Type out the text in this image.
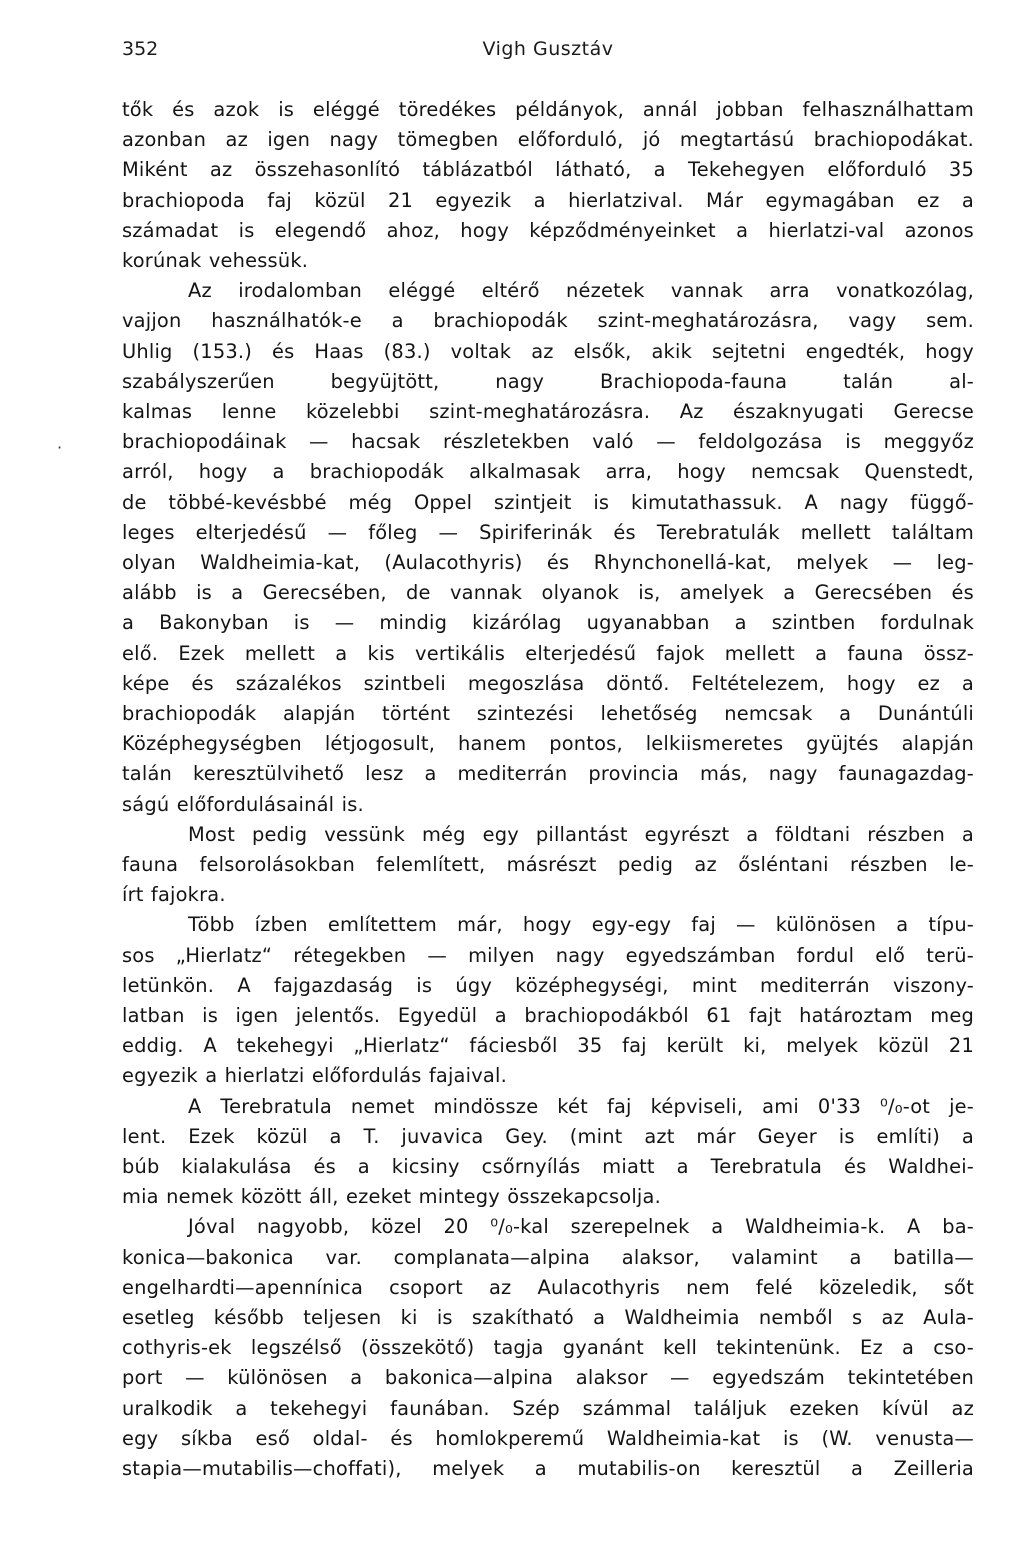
352	Vigh Gusztáv
·
tők és azok is eléggé töredékes példányok, annál jobban felhasználhattam
azonban az igen nagy tömegben előforduló, jó megtartású brachiopodákat.
Miként az összehasonlító táblázatból látható, a Tekehegyen előforduló 35
brachiopoda faj közül 21 egyezik a hierlatzival. Már egymagában ez a
számadat is elegendő ahoz, hogy képződményeinket a hierlatzi-val azonos
korúnak vehessük.
Az irodalomban eléggé eltérő nézetek vannak arra vonatkozólag,
vajjon használhatók-e a brachiopodák szint-meghatározásra, vagy sem.
Uhlig (153.) és Haas (83.) voltak az elsők, akik sejtetni engedték, hogy
szabályszerűen begyüjtött, nagy Brachiopoda-fauna talán al-
kalmas lenne közelebbi szint-meghatározásra. Az északnyugati Gerecse
brachiopodáinak — hacsak részletekben való — feldolgozása is meggyőz
arról, hogy a brachiopodák alkalmasak arra, hogy nemcsak Quenstedt,
de többé-kevésbbé még Oppel szintjeit is kimutathassuk. A nagy függő-
leges elterjedésű — főleg — Spiriferinák és Terebratulák mellett találtam
olyan Waldheimia-kat, (Aulacothyris) és Rhynchonellá-kat, melyek — leg-
alább is a Gerecsében, de vannak olyanok is, amelyek a Gerecsében és
a Bakonyban is — mindig kizárólag ugyanabban a szintben fordulnak
elő. Ezek mellett a kis vertikális elterjedésű fajok mellett a fauna össz-
képe és százalékos szintbeli megoszlása döntő. Feltételezem, hogy ez a
brachiopodák alapján történt szintezési lehetőség nemcsak a Dunántúli
Középhegységben létjogosult, hanem pontos, lelkiismeretes gyüjtés alapján
talán keresztülvihető lesz a mediterrán provincia más, nagy faunagazdag-
ságú előfordulásainál is.
Most pedig vessünk még egy pillantást egyrészt a földtani részben a
fauna felsorolásokban felemlített, másrészt pedig az ősléntani részben le-
írt fajokra.
Több ízben említettem már, hogy egy-egy faj — különösen a típu-
sos „Hierlatz“ rétegekben — milyen nagy egyedszámban fordul elő terü-
letünkön. A fajgazdaság is úgy középhegységi, mint mediterrán viszony-
latban is igen jelentős. Egyedül a brachiopodákból 61 fajt határoztam meg
eddig. A tekehegyi „Hierlatz“ fáciesből 35 faj került ki, melyek közül 21
egyezik a hierlatzi előfordulás fajaival.
A Terebratula nemet mindössze két faj képviseli, ami 0'33 ⁰/₀-ot je-
lent. Ezek közül a T. juvavica Gey. (mint azt már Geyer is említi) a
búb kialakulása és a kicsiny csőrnyílás miatt a Terebratula és Waldhei-
mia nemek között áll, ezeket mintegy összekapcsolja.
Jóval nagyobb, közel 20 ⁰/₀-kal szerepelnek a Waldheimia-k. A ba-
konica—bakonica var. complanata—alpina alaksor, valamint a batilla—
engelhardti—apennínica csoport az Aulacothyris nem felé közeledik, sőt
esetleg később teljesen ki is szakítható a Waldheimia nemből s az Aula-
cothyris-ek legszélső (összekötő) tagja gyanánt kell tekintenünk. Ez a cso-
port — különösen a bakonica—alpina alaksor — egyedszám tekintetében
uralkodik a tekehegyi faunában. Szép számmal találjuk ezeken kívül az
egy síkba eső oldal- és homlokperemű Waldheimia-kat is (W. venusta—
stapia—mutabilis—choffati), melyek a mutabilis-on keresztül a Zeilleria
